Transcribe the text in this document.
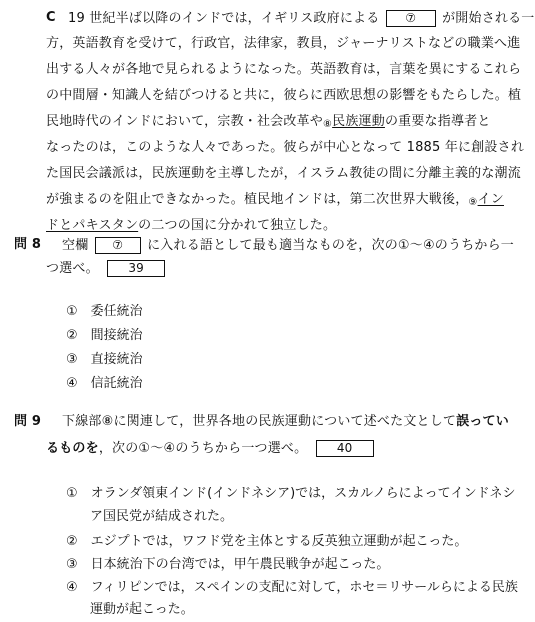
C 19 世紀半ば以降のインドでは，イギリス政府による ⑦ が開始される一
方，英語教育を受けて，行政官，法律家，教員，ジャーナリストなどの職業へ進
出する人々が各地で見られるようになった。英語教育は，言葉を異にするこれら
の中間層・知識人を結びつけると共に，彼らに西欧思想の影響をもたらした。植
民地時代のインドにおいて，宗教・社会改革や$_⑧$民族運動の重要な指導者と
なったのは，このような人々であった。彼らが中心となって 1885 年に創設され
た国民会議派は，民族運動を主導したが，イスラム教徒の間に分離主義的な潮流
が強まるのを阻止できなかった。植民地インドは，第二次世界大戦後，$_⑨$イン
ドとパキスタンの二つの国に分かれて独立した。
問 8 空欄 ⑦ に入れる語として最も適当なものを，次の①～④のうちから一
つ選べ。 39
①　 委任統治
②　 間接統治
③　 直接統治
④　 信託統治
問 9 下線部⑧に関連して，世界各地の民族運動について述べた文として誤ってい
るものを，次の①～④のうちから一つ選べ。 40
①　 オランダ領東インド(インドネシア)では，スカルノらによってインドネシ
ア国民党が結成された。
②　 エジプトでは，ワフド党を主体とする反英独立運動が起こった。
③　 日本統治下の台湾では，甲午農民戦争が起こった。
④　 フィリピンでは，スペインの支配に対して，ホセ＝リサールらによる民族
運動が起こった。
